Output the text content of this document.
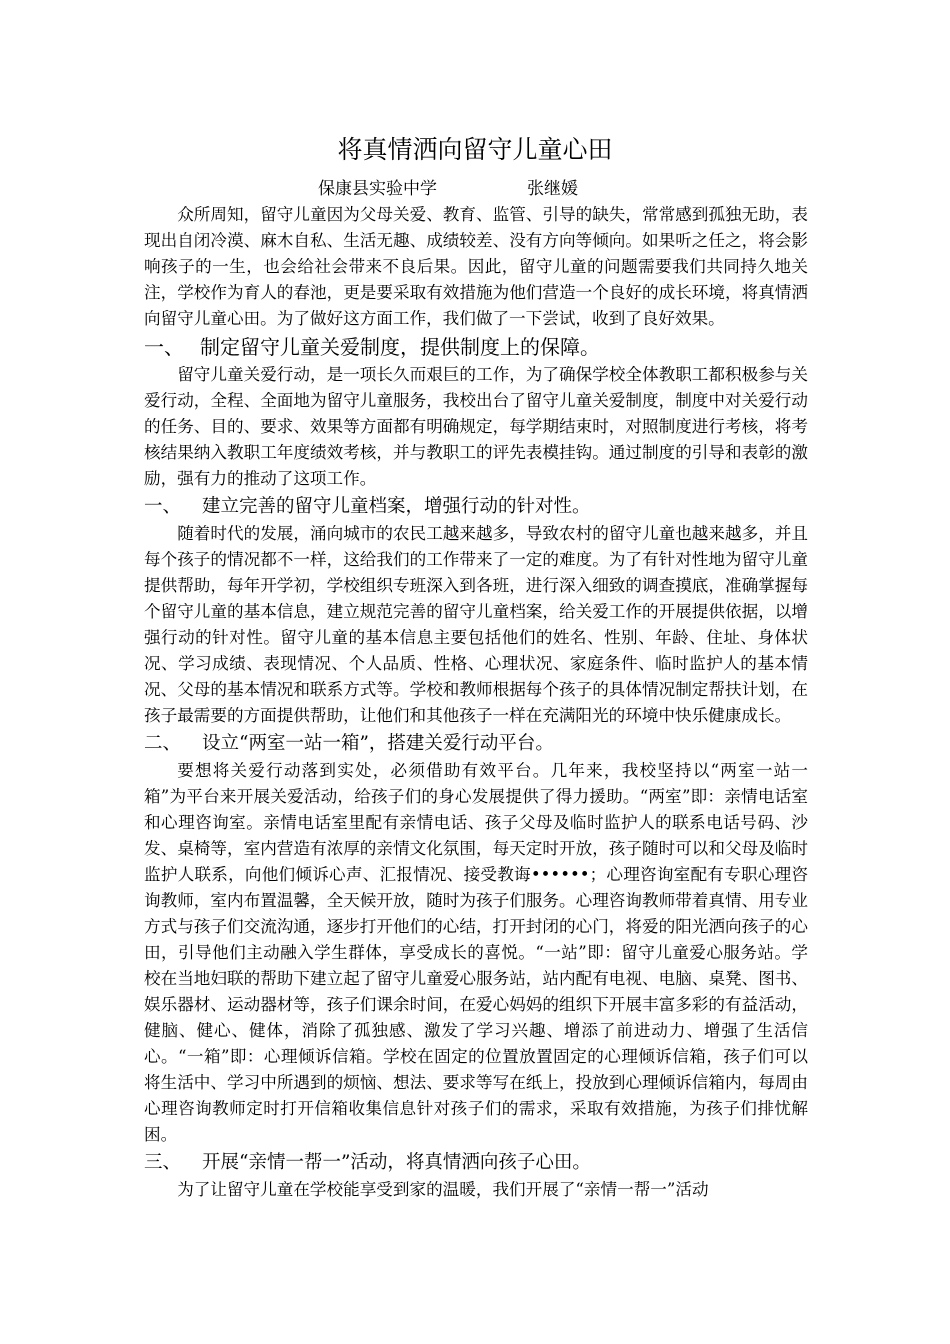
将真情洒向留守儿童心田
保康县实验中学	张继媛

众所周知，留守儿童因为父母关爱、教育、监管、引导的缺失，常常感到孤独无助，表现出自闭冷漠、麻木自私、生活无趣、成绩较差、没有方向等倾向。如果听之任之，将会影响孩子的一生，也会给社会带来不良后果。因此，留守儿童的问题需要我们共同持久地关注，学校作为育人的春池，更是要采取有效措施为他们营造一个良好的成长环境，将真情洒向留守儿童心田。为了做好这方面工作，我们做了一下尝试，收到了良好效果。

一、 制定留守儿童关爱制度，提供制度上的保障。

留守儿童关爱行动，是一项长久而艰巨的工作，为了确保学校全体教职工都积极参与关爱行动，全程、全面地为留守儿童服务，我校出台了留守儿童关爱制度，制度中对关爱行动的任务、目的、要求、效果等方面都有明确规定，每学期结束时，对照制度进行考核，将考核结果纳入教职工年度绩效考核，并与教职工的评先表模挂钩。通过制度的引导和表彰的激励，强有力的推动了这项工作。

一、 建立完善的留守儿童档案，增强行动的针对性。

随着时代的发展，涌向城市的农民工越来越多，导致农村的留守儿童也越来越多，并且每个孩子的情况都不一样，这给我们的工作带来了一定的难度。为了有针对性地为留守儿童提供帮助，每年开学初，学校组织专班深入到各班，进行深入细致的调查摸底，准确掌握每个留守儿童的基本信息，建立规范完善的留守儿童档案，给关爱工作的开展提供依据，以增强行动的针对性。留守儿童的基本信息主要包括他们的姓名、性别、年龄、住址、身体状况、学习成绩、表现情况、个人品质、性格、心理状况、家庭条件、临时监护人的基本情况、父母的基本情况和联系方式等。学校和教师根据每个孩子的具体情况制定帮扶计划，在孩子最需要的方面提供帮助，让他们和其他孩子一样在充满阳光的环境中快乐健康成长。

二、 设立“两室一站一箱”，搭建关爱行动平台。

要想将关爱行动落到实处，必须借助有效平台。几年来，我校坚持以“两室一站一箱”为平台来开展关爱活动，给孩子们的身心发展提供了得力援助。“两室”即：亲情电话室和心理咨询室。亲情电话室里配有亲情电话、孩子父母及临时监护人的联系电话号码、沙发、桌椅等，室内营造有浓厚的亲情文化氛围，每天定时开放，孩子随时可以和父母及临时监护人联系，向他们倾诉心声、汇报情况、接受教诲••••••；心理咨询室配有专职心理咨询教师，室内布置温馨，全天候开放，随时为孩子们服务。心理咨询教师带着真情、用专业方式与孩子们交流沟通，逐步打开他们的心结，打开封闭的心门，将爱的阳光洒向孩子的心田，引导他们主动融入学生群体，享受成长的喜悦。“一站”即：留守儿童爱心服务站。学校在当地妇联的帮助下建立起了留守儿童爱心服务站，站内配有电视、电脑、桌凳、图书、娱乐器材、运动器材等，孩子们课余时间，在爱心妈妈的组织下开展丰富多彩的有益活动，健脑、健心、健体，消除了孤独感、激发了学习兴趣、增添了前进动力、增强了生活信心。“一箱”即：心理倾诉信箱。学校在固定的位置放置固定的心理倾诉信箱，孩子们可以将生活中、学习中所遇到的烦恼、想法、要求等写在纸上，投放到心理倾诉信箱内，每周由心理咨询教师定时打开信箱收集信息针对孩子们的需求，采取有效措施，为孩子们排忧解困。

三、 开展“亲情一帮一”活动，将真情洒向孩子心田。

为了让留守儿童在学校能享受到家的温暖，我们开展了“亲情一帮一”活动
